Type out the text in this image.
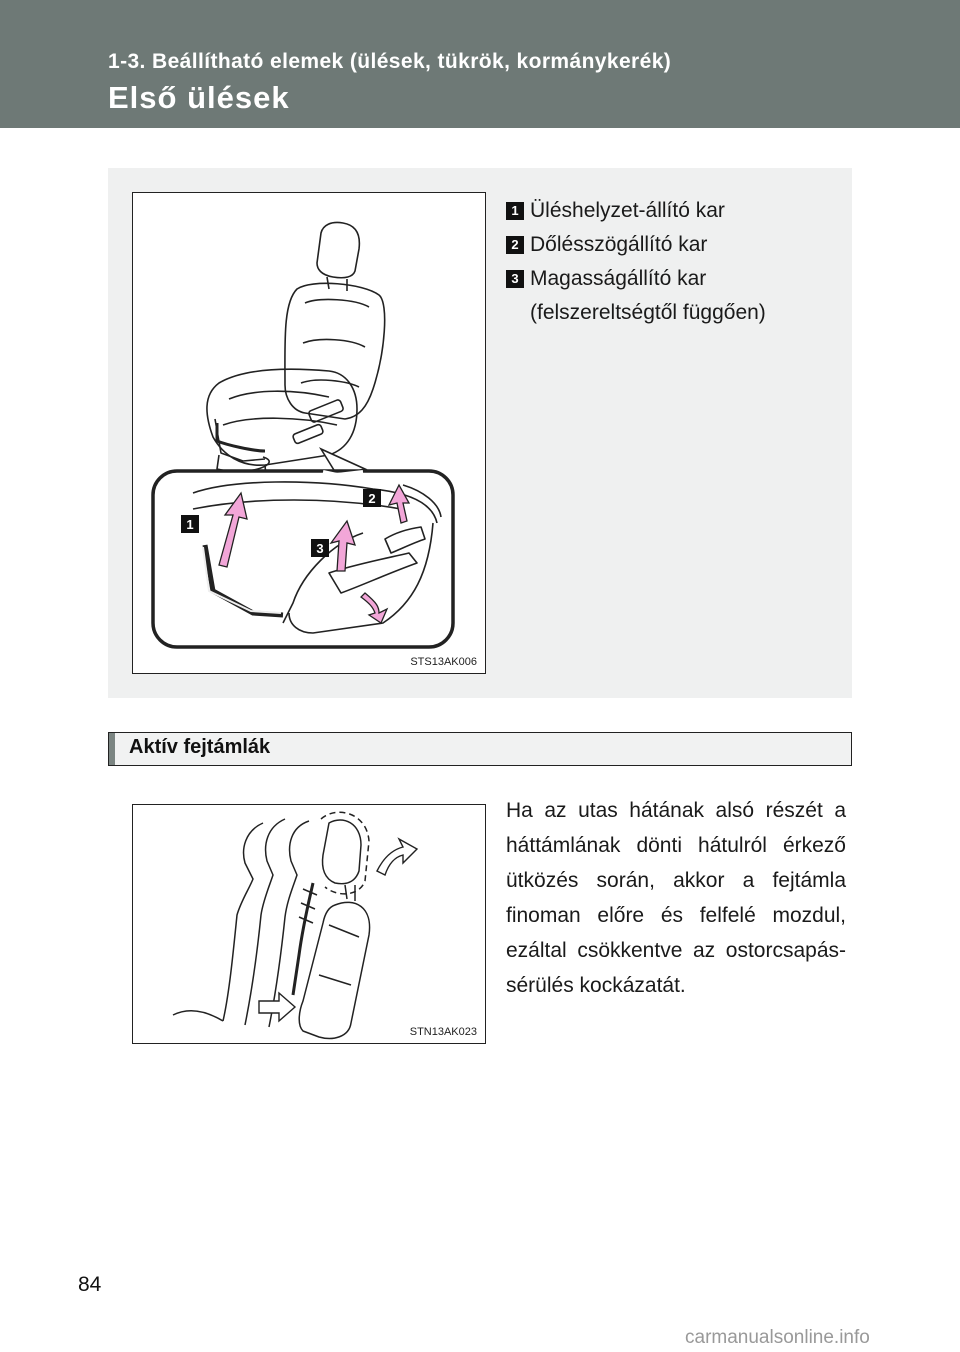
1-3. Beállítható elemek (ülések, tükrök, kormánykerék)
Első ülések
1
2
3
STS13AK006
1 Üléshelyzet-állító kar
2 Dőlésszögállító kar
3 Magasságállító kar (felszereltségtől függően)
Aktív fejtámlák
STN13AK023
Ha az utas hátának alsó részét a háttámlának dönti hátulról érkező ütközés során, akkor a fejtámla finoman előre és felfelé mozdul, ezáltal csökkentve az ostorcsapás-sérülés kockázatát.
84
carmanualsonline.info
